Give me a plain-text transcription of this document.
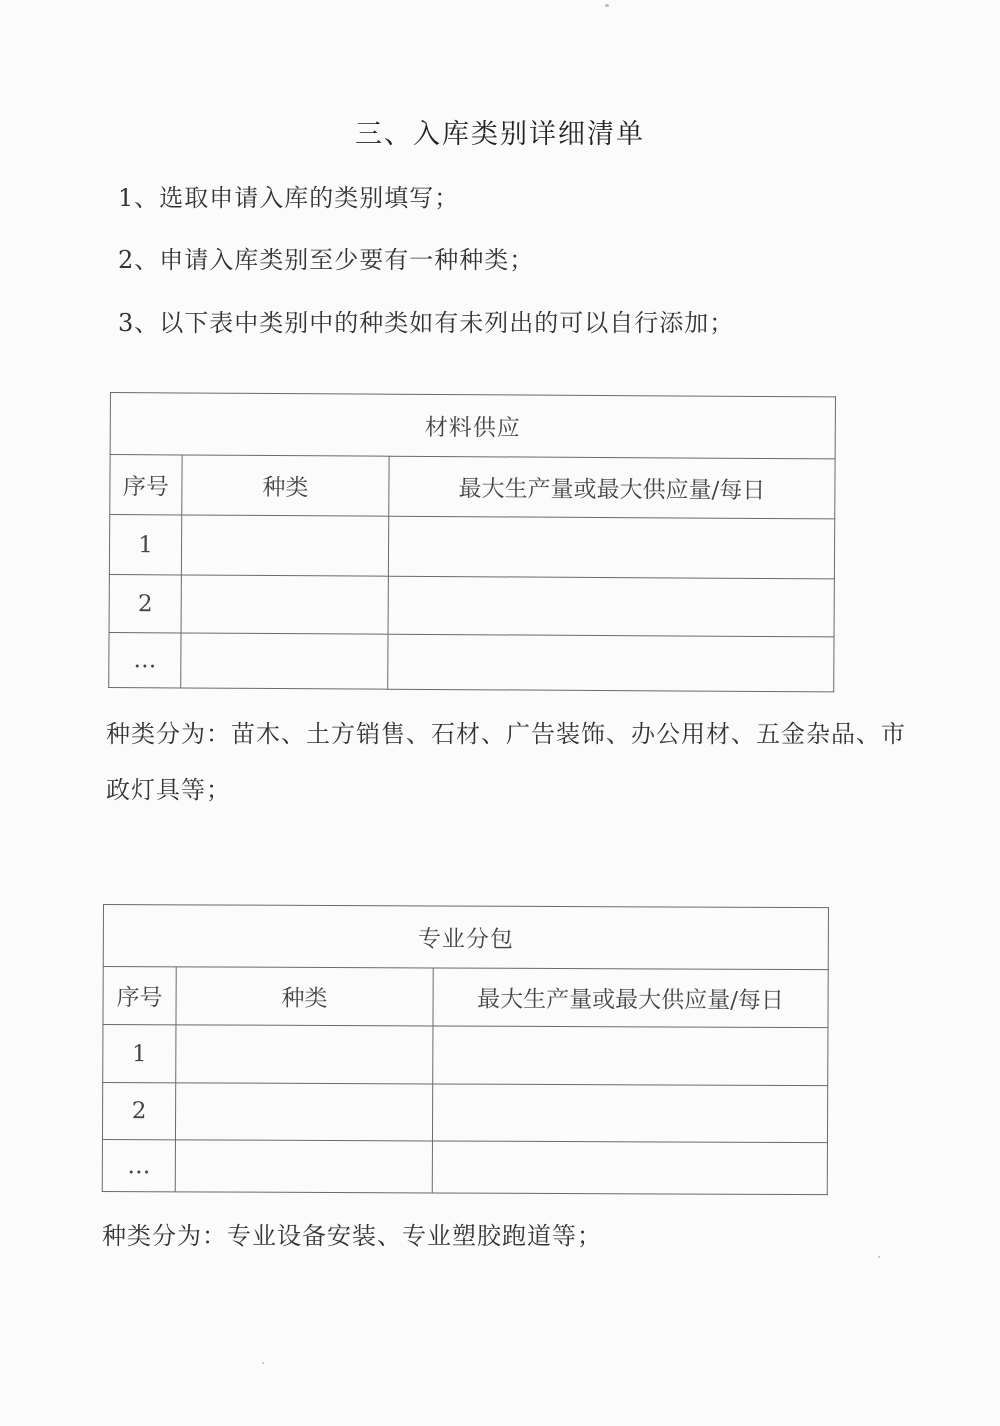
三、入库类别详细清单
1、选取申请入库的类别填写；
2、申请入库类别至少要有一种种类；
3、以下表中类别中的种类如有未列出的可以自行添加；
材料供应		
序号	种类	最大生产量或最大供应量/每日
1		
2		
…		
种类分为：苗木、土方销售、石材、广告装饰、办公用材、五金杂品、市政灯具等；
专业分包		
序号	种类	最大生产量或最大供应量/每日
1		
2		
…		
种类分为：专业设备安装、专业塑胶跑道等；
